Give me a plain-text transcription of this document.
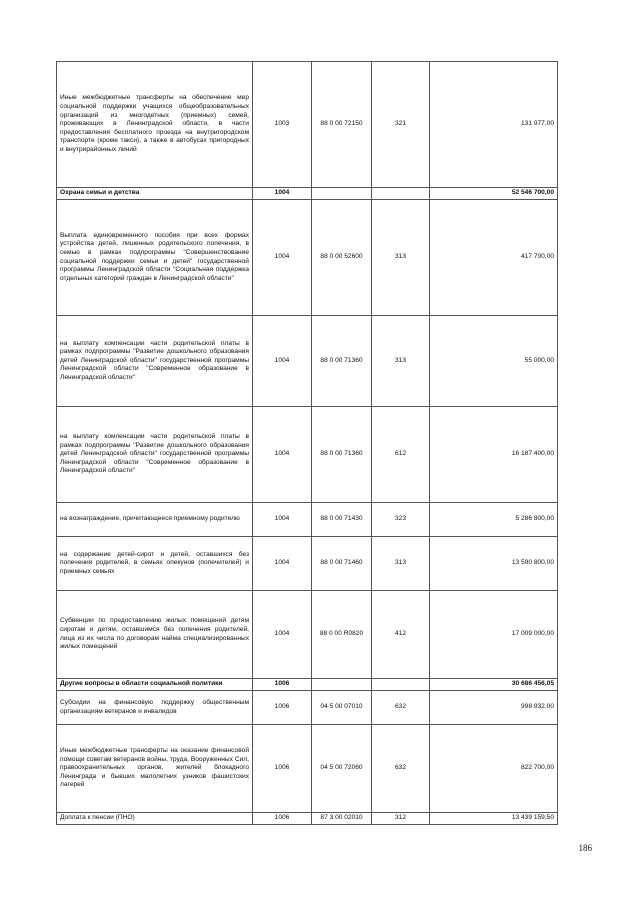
Иные межбюджетные трансферты на обеспечение мер социальной поддержки учащихся общеобразовательных организаций из многодетных (приемных) семей, проживающих в Ленинградской области, в части предоставления бесплатного проезда на внутригородском транспорте (кроме такси), а также в автобусах пригородных и внутрирайонных линий	1003	88 0 00 72150	321	131 977,00
Охрана семьи и детства	1004			52 546 700,00
Выплата единовременного пособия при всех формах устройства детей, лишенных родительского попечения, в семью в рамках подпрограммы "Совершенствование социальной поддержки семьи и детей" государственной программы Ленинградской области "Социальная поддержка отдельных категорий граждан в Ленинградской области"	1004	88 0 00 52600	313	417 700,00
на выплату компенсации части родительской платы в рамках подпрограммы "Развитие дошкольного образования детей Ленинградской области" государственной программы Ленинградской области "Современное образование в Ленинградской области"	1004	88 0 00 71360	313	55 000,00
на выплату компенсации части родительской платы в рамках подпрограммы "Развитие дошкольного образования детей Ленинградской области" государственной программы Ленинградской области "Современное образование в Ленинградской области"	1004	88 0 00 71360	612	16 187 400,00
на вознаграждение, причитающееся приемному родителю	1004	88 0 00 71430	323	5 286 800,00
на содержание детей-сирот и детей, оставшихся без попечения родителей, в семьях опекунов (попечителей) и приемных семьях	1004	88 0 00 71460	313	13 590 800,00
Субвенции по предоставлению жилых помещений детям сиротам и детям, оставшимся без попечения родителей, лица из их числа по договорам найма специализированных жилых помещений	1004	88 0 00 R0820	412	17 009 000,00
Другие вопросы в области социальной политики	1006			30 686 456,05
Субсидии на финансовую поддержку общественным организациям ветеранов и инвалидов	1006	04 5 00 07010	632	998 932,00
Иные межбюджетные трансферты на оказание финансовой помощи советам ветеранов войны, труда, Вооруженных Сил, правоохранительных органов, жителей блокадного Ленинграда и бывших малолетних узников фашистских лагерей	1006	04 5 00 72060	632	822 700,00
Доплата к пенсии (ПНО)	1006	87 3 00 02010	312	13 439 159,50
186
